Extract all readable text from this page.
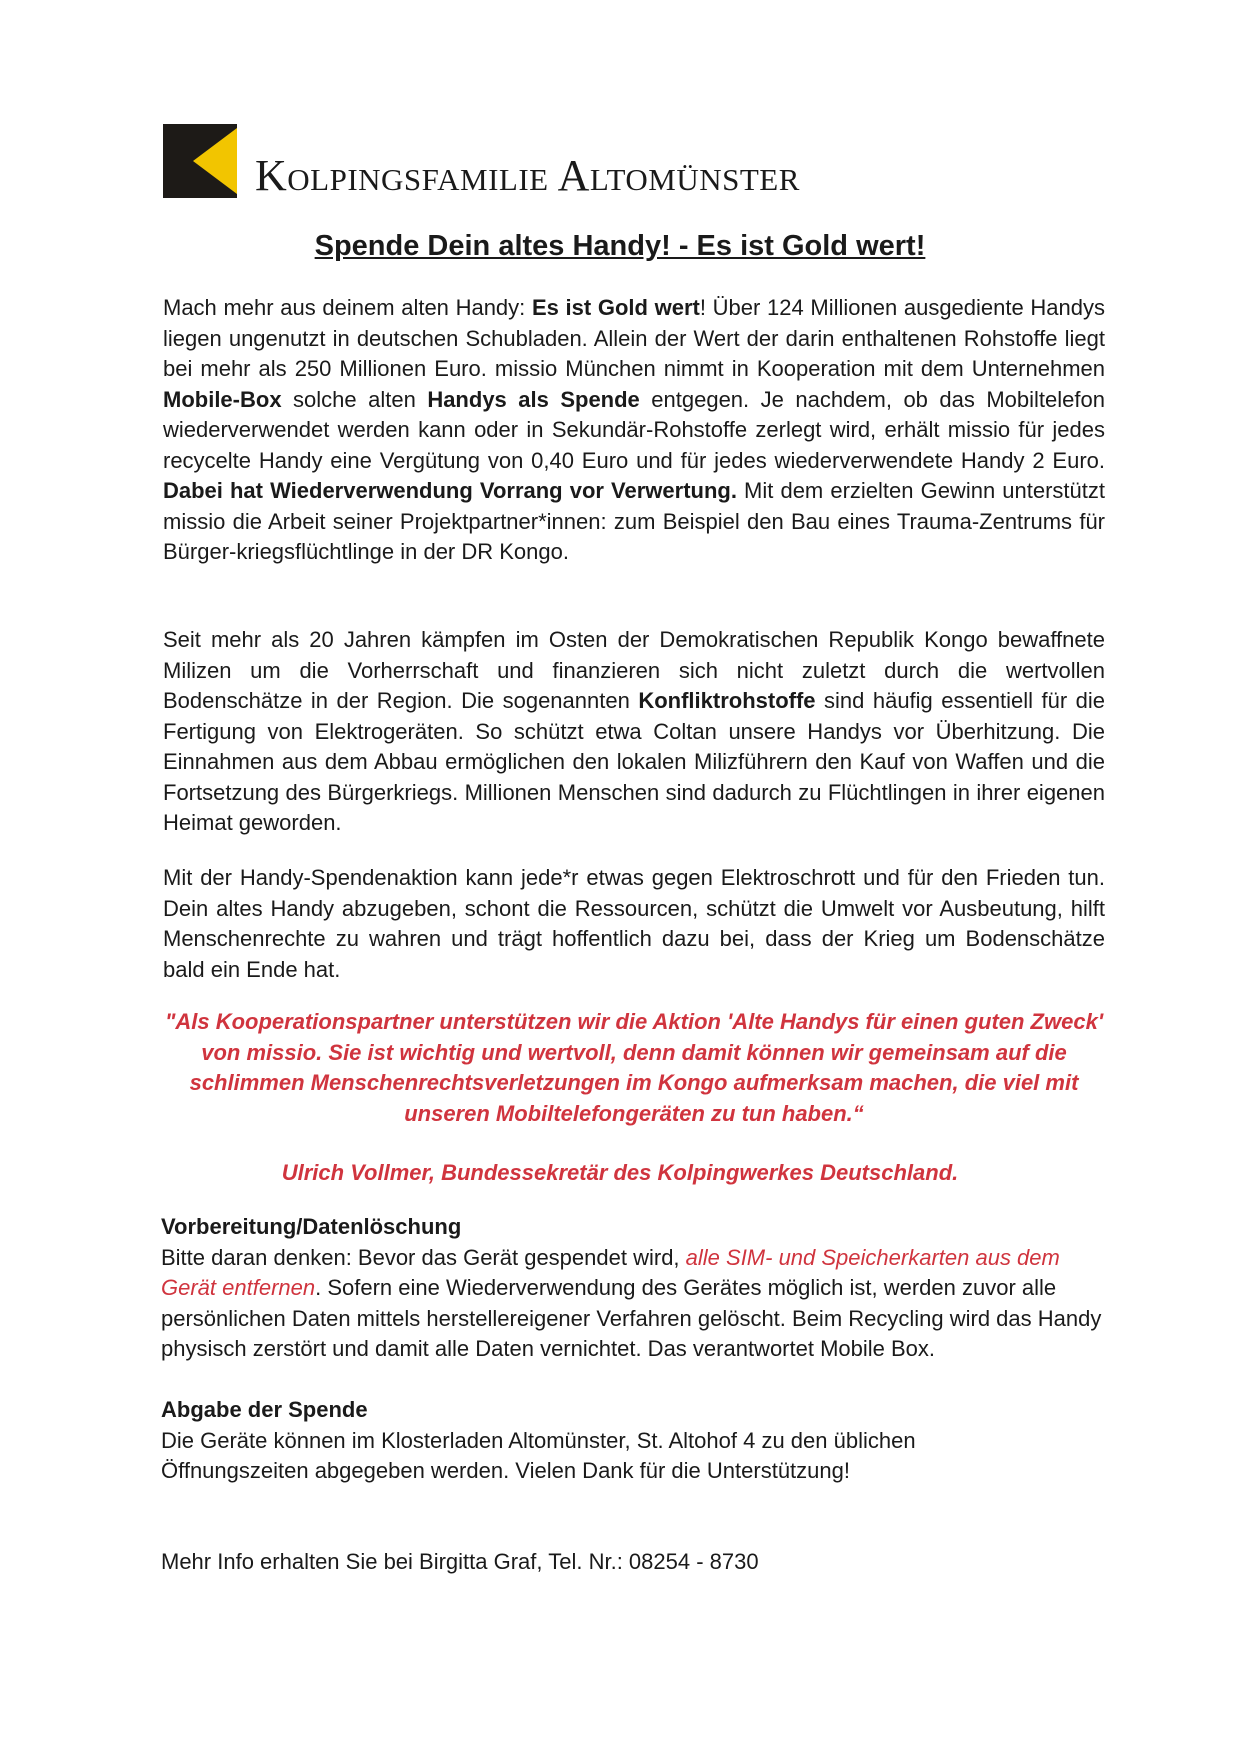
Kolpingsfamilie Altomünster
Spende Dein altes Handy! - Es ist Gold wert!

Mach mehr aus deinem alten Handy: Es ist Gold wert! Über 124 Millionen ausgediente Handys liegen ungenutzt in deutschen Schubladen. Allein der Wert der darin enthaltenen Rohstoffe liegt bei mehr als 250 Millionen Euro. missio München nimmt in Kooperation mit dem Unternehmen Mobile-Box solche alten Handys als Spende entgegen. Je nachdem, ob das Mobiltelefon wiederverwendet werden kann oder in Sekundär-Rohstoffe zerlegt wird, erhält missio für jedes recycelte Handy eine Vergütung von 0,40 Euro und für jedes wiederverwendete Handy 2 Euro. Dabei hat Wiederverwendung Vorrang vor Verwertung. Mit dem erzielten Gewinn unterstützt missio die Arbeit seiner Projektpartner*innen: zum Beispiel den Bau eines Trauma-Zentrums für Bürger-kriegsflüchtlinge in der DR Kongo.

Seit mehr als 20 Jahren kämpfen im Osten der Demokratischen Republik Kongo bewaffnete Milizen um die Vorherrschaft und finanzieren sich nicht zuletzt durch die wertvollen Bodenschätze in der Region. Die sogenannten Konfliktrohstoffe sind häufig essentiell für die Fertigung von Elektrogeräten. So schützt etwa Coltan unsere Handys vor Überhitzung. Die Einnahmen aus dem Abbau ermöglichen den lokalen Milizführern den Kauf von Waffen und die Fortsetzung des Bürgerkriegs. Millionen Menschen sind dadurch zu Flüchtlingen in ihrer eigenen Heimat geworden.

Mit der Handy-Spendenaktion kann jede*r etwas gegen Elektroschrott und für den Frieden tun. Dein altes Handy abzugeben, schont die Ressourcen, schützt die Umwelt vor Ausbeutung, hilft Menschenrechte zu wahren und trägt hoffentlich dazu bei, dass der Krieg um Bodenschätze bald ein Ende hat.

"Als Kooperationspartner unterstützen wir die Aktion 'Alte Handys für einen guten Zweck'
von missio. Sie ist wichtig und wertvoll, denn damit können wir gemeinsam auf die
schlimmen Menschenrechtsverletzungen im Kongo aufmerksam machen, die viel mit
unseren Mobiltelefongeräten zu tun haben.“
Ulrich Vollmer, Bundessekretär des Kolpingwerkes Deutschland.
Vorbereitung/Datenlöschung
Bitte daran denken: Bevor das Gerät gespendet wird, alle SIM- und Speicherkarten aus dem Gerät entfernen. Sofern eine Wiederverwendung des Gerätes möglich ist, werden zuvor alle persönlichen Daten mittels herstellereigener Verfahren gelöscht. Beim Recycling wird das Handy physisch zerstört und damit alle Daten vernichtet. Das verantwortet Mobile Box.
Abgabe der Spende
Die Geräte können im Klosterladen Altomünster, St. Altohof 4 zu den üblichen
Öffnungszeiten abgegeben werden. Vielen Dank für die Unterstützung!
Mehr Info erhalten Sie bei Birgitta Graf, Tel. Nr.: 08254 - 8730
